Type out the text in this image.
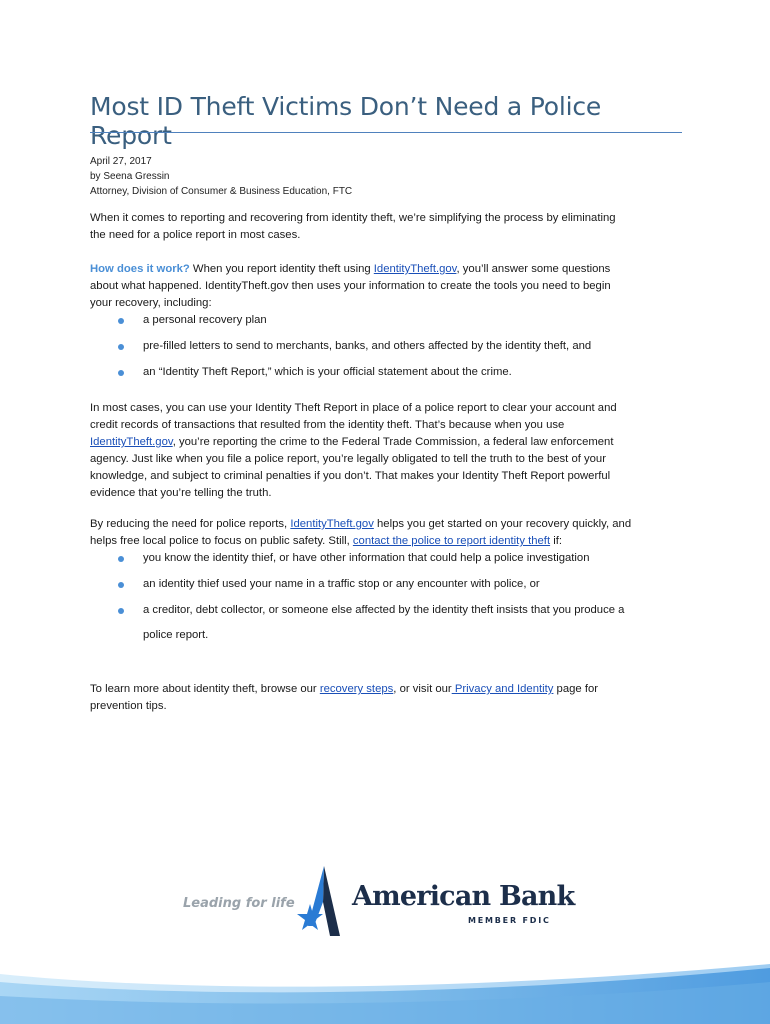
Most ID Theft Victims Don’t Need a Police Report
April 27, 2017
by Seena Gressin
Attorney, Division of Consumer & Business Education, FTC
When it comes to reporting and recovering from identity theft, we’re simplifying the process by eliminating
the need for a police report in most cases.
How does it work? When you report identity theft using IdentityTheft.gov, you’ll answer some questions
about what happened. IdentityTheft.gov then uses your information to create the tools you need to begin
your recovery, including:
a personal recovery plan
pre-filled letters to send to merchants, banks, and others affected by the identity theft, and
an “Identity Theft Report,” which is your official statement about the crime.
In most cases, you can use your Identity Theft Report in place of a police report to clear your account and
credit records of transactions that resulted from the identity theft. That’s because when you use
IdentityTheft.gov, you’re reporting the crime to the Federal Trade Commission, a federal law enforcement
agency. Just like when you file a police report, you’re legally obligated to tell the truth to the best of your
knowledge, and subject to criminal penalties if you don’t. That makes your Identity Theft Report powerful
evidence that you’re telling the truth.
By reducing the need for police reports, IdentityTheft.gov helps you get started on your recovery quickly, and
helps free local police to focus on public safety. Still, contact the police to report identity theft if:
you know the identity thief, or have other information that could help a police investigation
an identity thief used your name in a traffic stop or any encounter with police, or
a creditor, debt collector, or someone else affected by the identity theft insists that you produce a
police report.
To learn more about identity theft, browse our recovery steps, or visit our Privacy and Identity page for
prevention tips.
Leading for life American Bank
MEMBER FDIC
